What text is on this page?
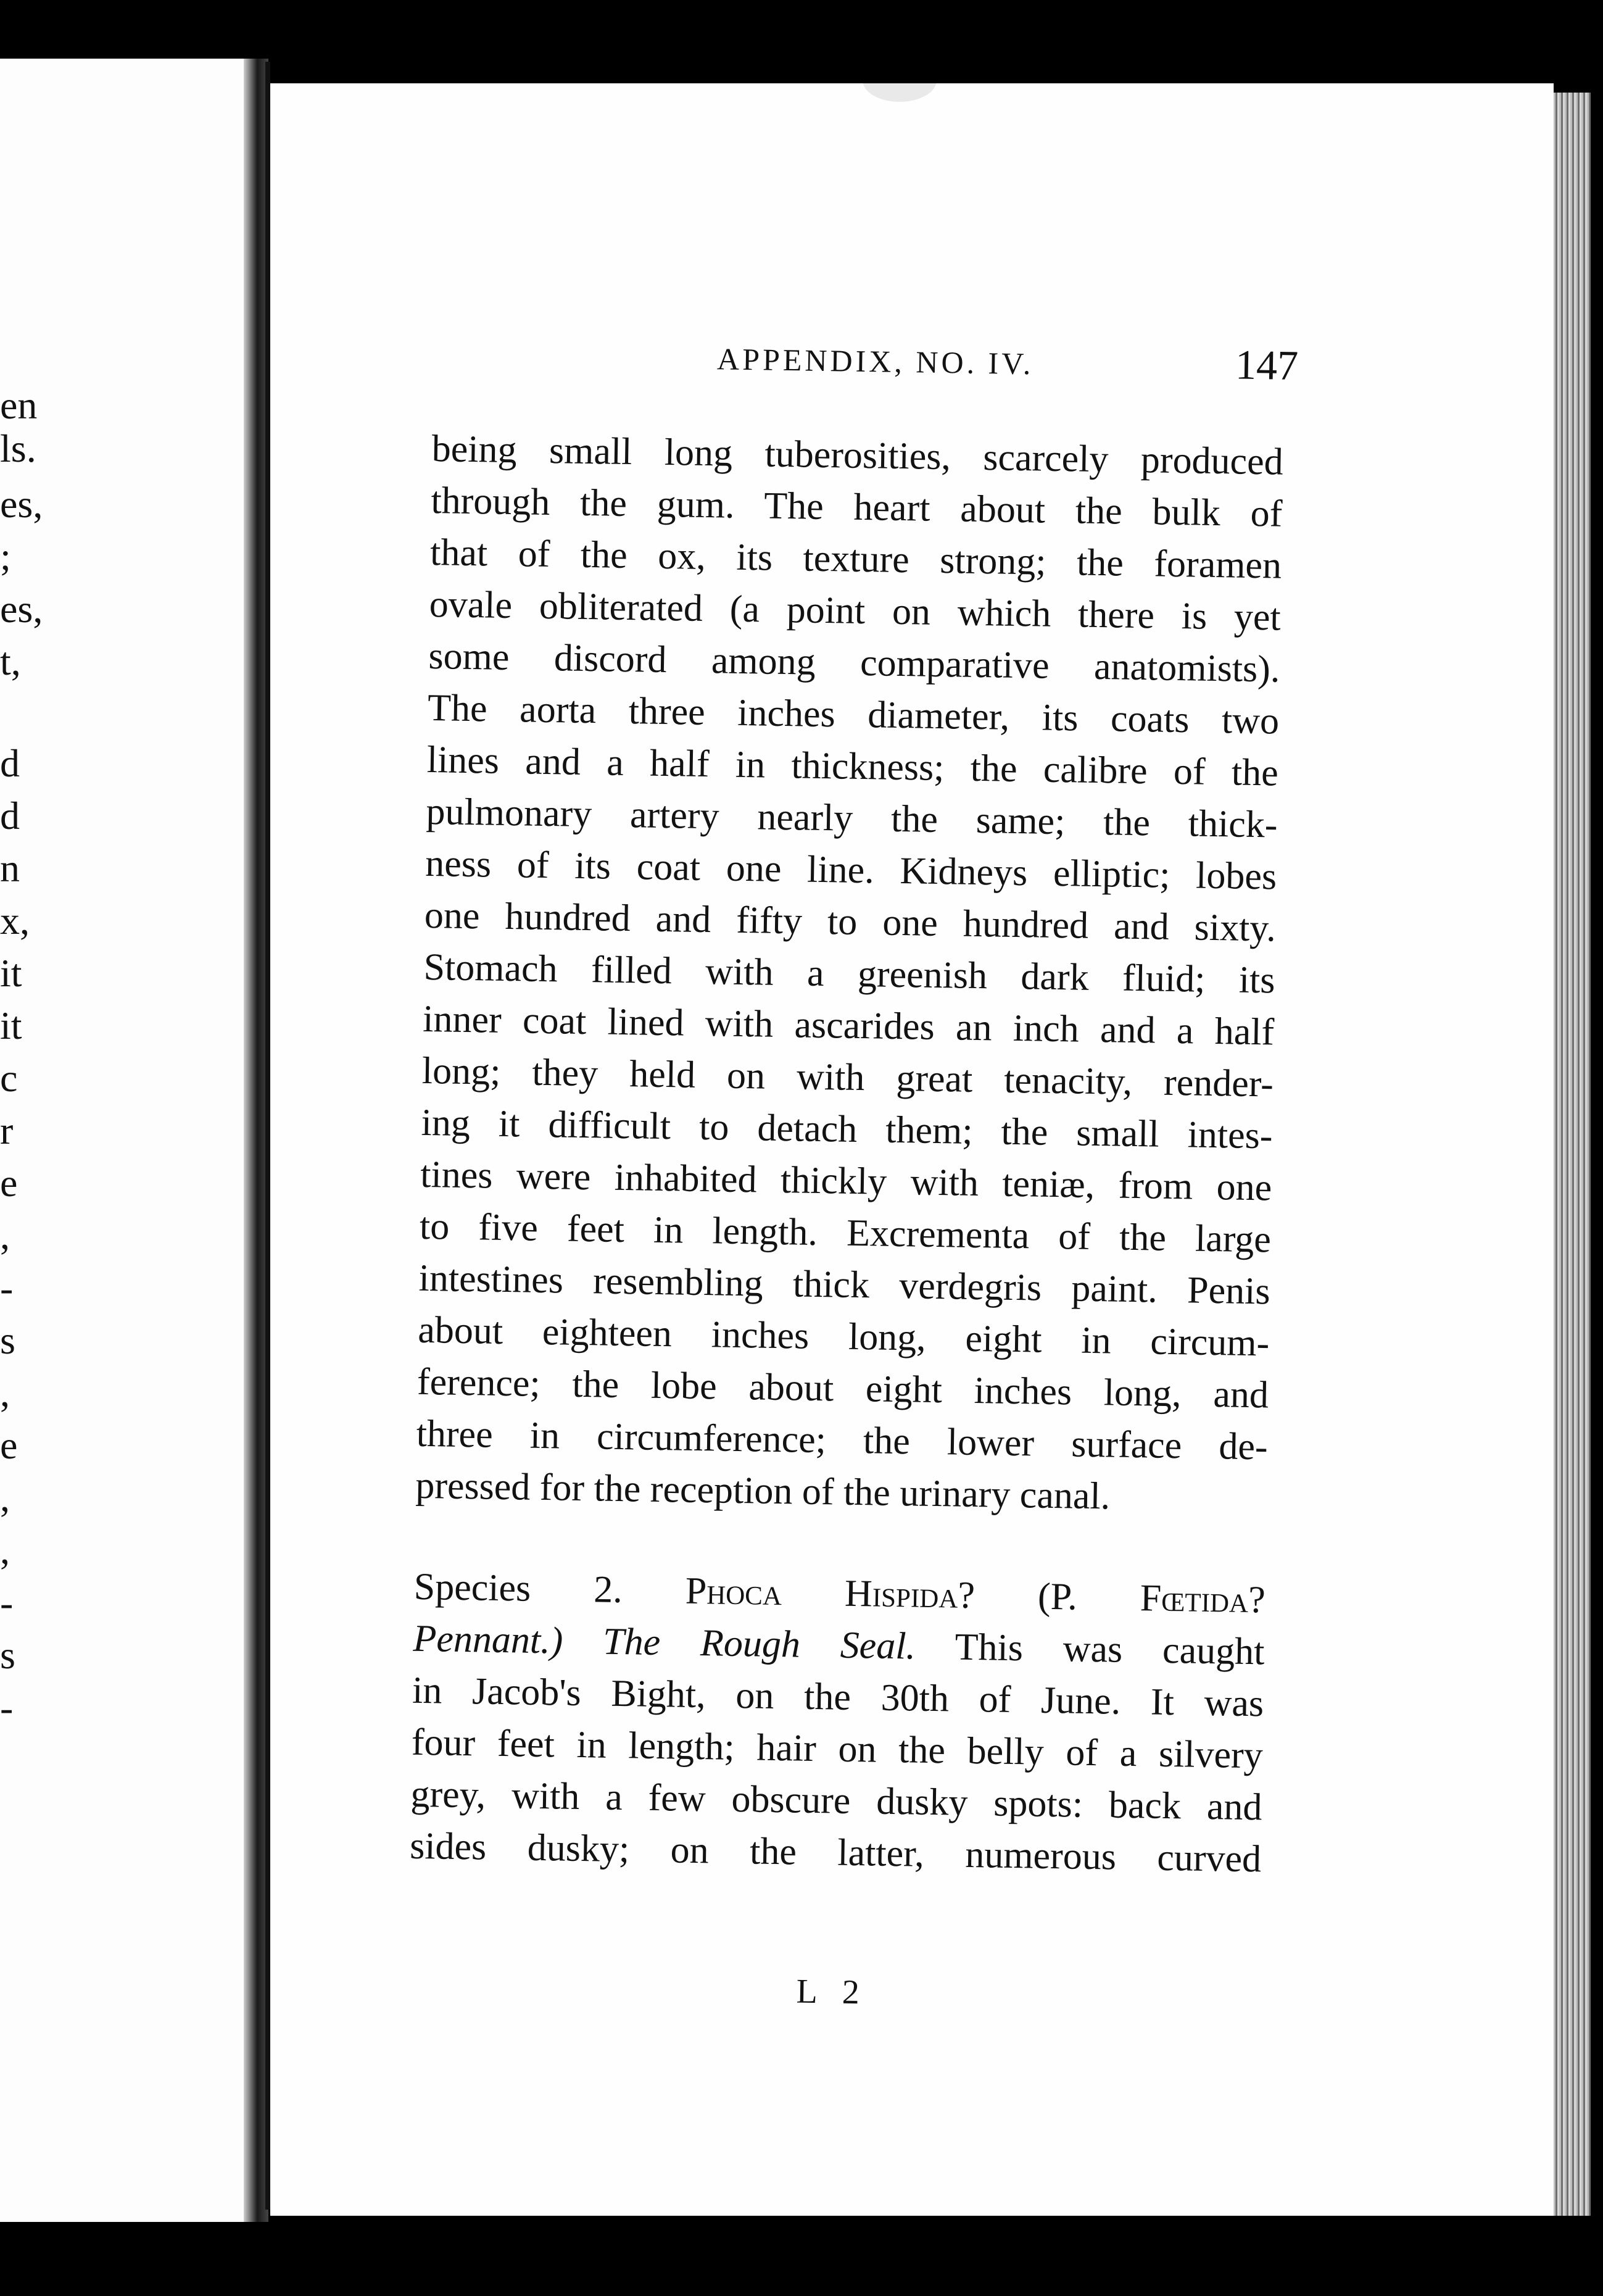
en
ls.
es,
;
es,
t,
d
d
n
x,
it
it
c
r
e
,
-
s
,
e
,
,
-
s
-
APPENDIX, NO. IV.	147
being small long tuberosities, scarcely produced
through the gum. The heart about the bulk of
that of the ox, its texture strong; the foramen
ovale obliterated (a point on which there is yet
some discord among comparative anatomists).
The aorta three inches diameter, its coats two
lines and a half in thickness; the calibre of the
pulmonary artery nearly the same; the thick-
ness of its coat one line. Kidneys elliptic; lobes
one hundred and fifty to one hundred and sixty.
Stomach filled with a greenish dark fluid; its
inner coat lined with ascarides an inch and a half
long; they held on with great tenacity, render-
ing it difficult to detach them; the small intes-
tines were inhabited thickly with teniæ, from one
to five feet in length. Excrementa of the large
intestines resembling thick verdegris paint. Penis
about eighteen inches long, eight in circum-
ference; the lobe about eight inches long, and
three in circumference; the lower surface de-
pressed for the reception of the urinary canal.
Species 2. Phoca Hispida? (P. Fœtida?
Pennant.) The Rough Seal. This was caught
in Jacob's Bight, on the 30th of June. It was
four feet in length; hair on the belly of a silvery
grey, with a few obscure dusky spots: back and
sides dusky; on the latter, numerous curved
L 2
